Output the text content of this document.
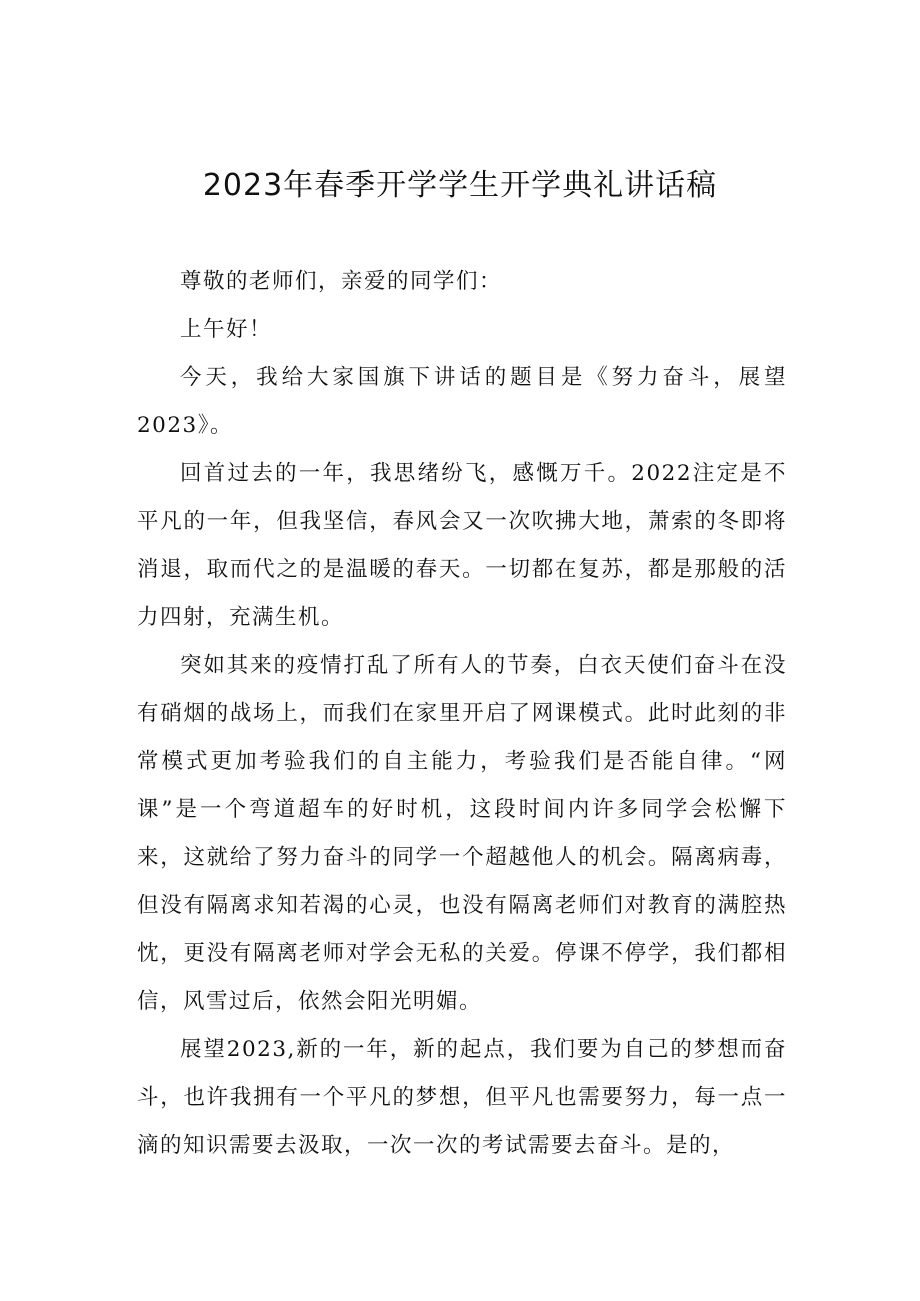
2023年春季开学学生开学典礼讲话稿

尊敬的老师们，亲爱的同学们：

上午好！

今天，我给大家国旗下讲话的题目是《努力奋斗，展望2023》。

回首过去的一年，我思绪纷飞，感慨万千。2022注定是不平凡的一年，但我坚信，春风会又一次吹拂大地，萧索的冬即将消退，取而代之的是温暖的春天。一切都在复苏，都是那般的活力四射，充满生机。

突如其来的疫情打乱了所有人的节奏，白衣天使们奋斗在没有硝烟的战场上，而我们在家里开启了网课模式。此时此刻的非常模式更加考验我们的自主能力，考验我们是否能自律。“网课”是一个弯道超车的好时机，这段时间内许多同学会松懈下来，这就给了努力奋斗的同学一个超越他人的机会。隔离病毒，但没有隔离求知若渴的心灵，也没有隔离老师们对教育的满腔热忱，更没有隔离老师对学会无私的关爱。停课不停学，我们都相信，风雪过后，依然会阳光明媚。

展望2023,新的一年，新的起点，我们要为自己的梦想而奋斗，也许我拥有一个平凡的梦想，但平凡也需要努力，每一点一滴的知识需要去汲取，一次一次的考试需要去奋斗。是的，
